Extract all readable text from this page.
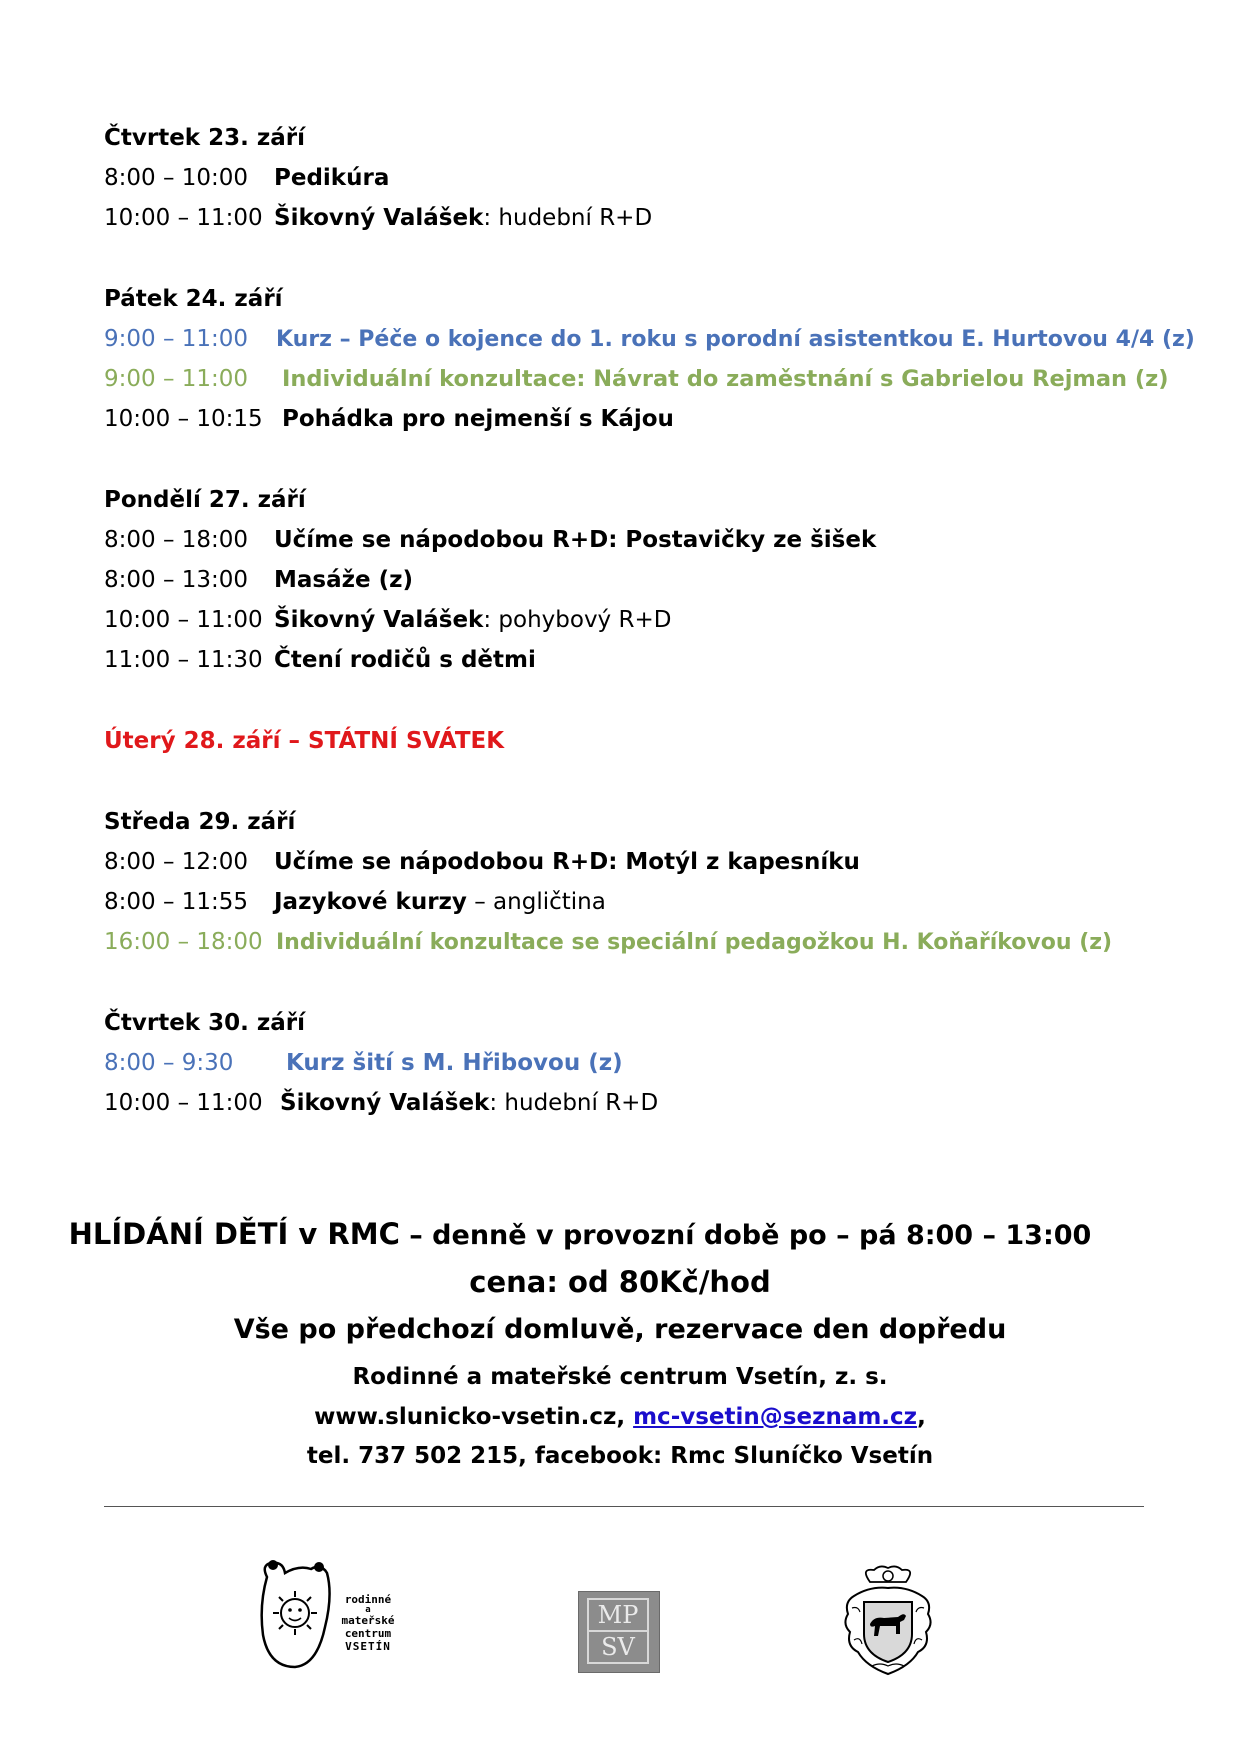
Čtvrtek 23. září
8:00 – 10:00 Pedikúra
10:00 – 11:00 Šikovný Valášek: hudební R+D
Pátek 24. září
9:00 – 11:00 Kurz – Péče o kojence do 1. roku s porodní asistentkou E. Hurtovou 4/4 (z)
9:00 – 11:00 Individuální konzultace: Návrat do zaměstnání s Gabrielou Rejman (z)
10:00 – 10:15 Pohádka pro nejmenší s Kájou
Pondělí 27. září
8:00 – 18:00 Učíme se nápodobou R+D: Postavičky ze šišek
8:00 – 13:00 Masáže (z)
10:00 – 11:00 Šikovný Valášek: pohybový R+D
11:00 – 11:30 Čtení rodičů s dětmi
Úterý 28. září – STÁTNÍ SVÁTEK
Středa 29. září
8:00 – 12:00 Učíme se nápodobou R+D: Motýl z kapesníku
8:00 – 11:55 Jazykové kurzy – angličtina
16:00 – 18:00 Individuální konzultace se speciální pedagožkou H. Koňaříkovou (z)
Čtvrtek 30. září
8:00 – 9:30 Kurz šití s M. Hřibovou (z)
10:00 – 11:00 Šikovný Valášek: hudební R+D
HLÍDÁNÍ DĚTÍ v RMC – denně v provozní době po – pá 8:00 – 13:00
cena: od 80Kč/hod
Vše po předchozí domluvě, rezervace den dopředu
Rodinné a mateřské centrum Vsetín, z. s.
www.slunicko-vsetin.cz, mc-vsetin@seznam.cz,
tel. 737 502 215, facebook: Rmc Sluníčko Vsetín
rodinné
a
mateřské
centrum
VSETÍN
MP
SV
